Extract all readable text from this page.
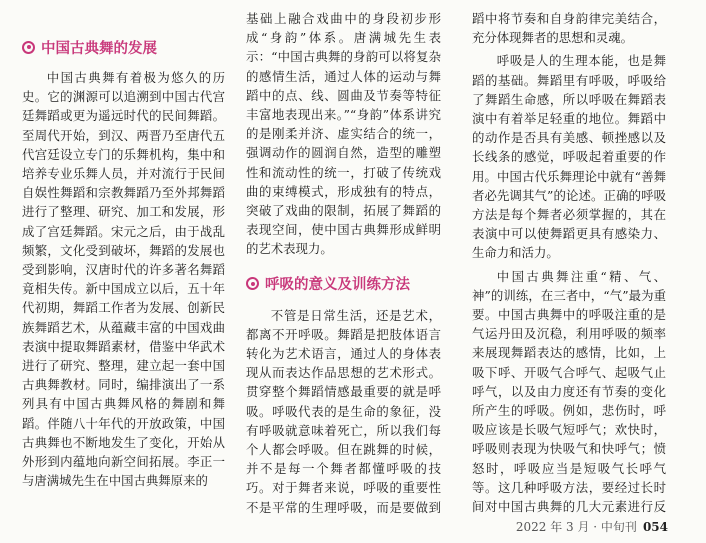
中国古典舞的发展

中国古典舞有着极为悠久的历史。它的渊源可以追溯到中国古代宫廷舞蹈或更为遥远时代的民间舞蹈。至周代开始，到汉、两晋乃至唐代五代宫廷设立专门的乐舞机构，集中和培养专业乐舞人员，并对流行于民间自娱性舞蹈和宗教舞蹈乃至外邦舞蹈进行了整理、研究、加工和发展，形成了宫廷舞蹈。宋元之后，由于战乱频繁，文化受到破坏，舞蹈的发展也受到影响，汉唐时代的许多著名舞蹈竟相失传。新中国成立以后，五十年代初期，舞蹈工作者为发展、创新民族舞蹈艺术，从蕴藏丰富的中国戏曲表演中提取舞蹈素材，借鉴中华武术进行了研究、整理，建立起一套中国古典舞教材。同时，编排演出了一系列具有中国古典舞风格的舞剧和舞蹈。伴随八十年代的开放政策，中国古典舞也不断地发生了变化，开始从外形到内蕴地向新空间拓展。李正一与唐满城先生在中国古典舞原来的

基础上融合戏曲中的身段初步形成“身韵”体系。唐满城先生表示：“中国古典舞的身韵可以将复杂的感情生活，通过人体的运动与舞蹈中的点、线、圆曲及节奏等特征丰富地表现出来。”“身韵”体系讲究的是刚柔并济、虚实结合的统一，强调动作的圆润自然，造型的雕塑性和流动性的统一，打破了传统戏曲的束缚模式，形成独有的特点，突破了戏曲的限制，拓展了舞蹈的表现空间，使中国古典舞形成鲜明的艺术表现力。

呼吸的意义及训练方法

不管是日常生活，还是艺术，都离不开呼吸。舞蹈是把肢体语言转化为艺术语言，通过人的身体表现从而表达作品思想的艺术形式。贯穿整个舞蹈情感最重要的就是呼吸。呼吸代表的是生命的象征，没有呼吸就意味着死亡，所以我们每个人都会呼吸。但在跳舞的时候，并不是每一个舞者都懂呼吸的技巧。对于舞者来说，呼吸的重要性不是平常的生理呼吸，而是要做到

蹈中将节奏和自身韵律完美结合，充分体现舞者的思想和灵魂。

呼吸是人的生理本能，也是舞蹈的基础。舞蹈里有呼吸，呼吸给了舞蹈生命感，所以呼吸在舞蹈表演中有着举足轻重的地位。舞蹈中的动作是否具有美感、顿挫感以及长线条的感觉，呼吸起着重要的作用。中国古代乐舞理论中就有“善舞者必先调其气”的论述。正确的呼吸方法是每个舞者必须掌握的，其在表演中可以使舞蹈更具有感染力、生命力和活力。

中国古典舞注重“精、气、神”的训练，在三者中，“气”最为重要。中国古典舞中的呼吸注重的是气运丹田及沉稳，利用呼吸的频率来展现舞蹈表达的感情，比如，上吸下呼、开吸气合呼气、起吸气止呼气，以及由力度还有节奏的变化所产生的呼吸。例如，悲伤时，呼吸应该是长吸气短呼气；欢快时，呼吸则表现为快吸气和快呼气；愤怒时，呼吸应当是短吸气长呼气等。这几种呼吸方法，要经过长时间对中国古典舞的几大元素进行反

2022 年 3 月 · 中旬刊 054
